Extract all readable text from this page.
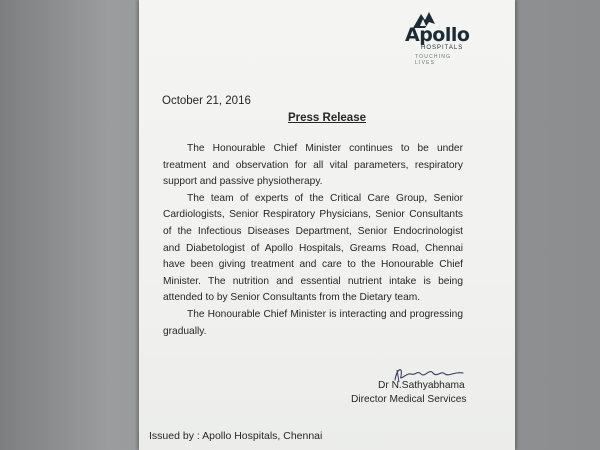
Apollo
HOSPITALS
TOUCHING LIVES
October 21, 2016
Press Release

The Honourable Chief Minister continues to be under treatment and observation for all vital parameters, respiratory support and passive physiotherapy.

The team of experts of the Critical Care Group, Senior Cardiologists, Senior Respiratory Physicians, Senior Consultants of the Infectious Diseases Department, Senior Endocrinologist and Diabetologist of Apollo Hospitals, Greams Road, Chennai have been giving treatment and care to the Honourable Chief Minister. The nutrition and essential nutrient intake is being attended to by Senior Consultants from the Dietary team.

The Honourable Chief Minister is interacting and progressing gradually.

Dr N.Sathyabhama
Director Medical Services
Issued by : Apollo Hospitals, Chennai
